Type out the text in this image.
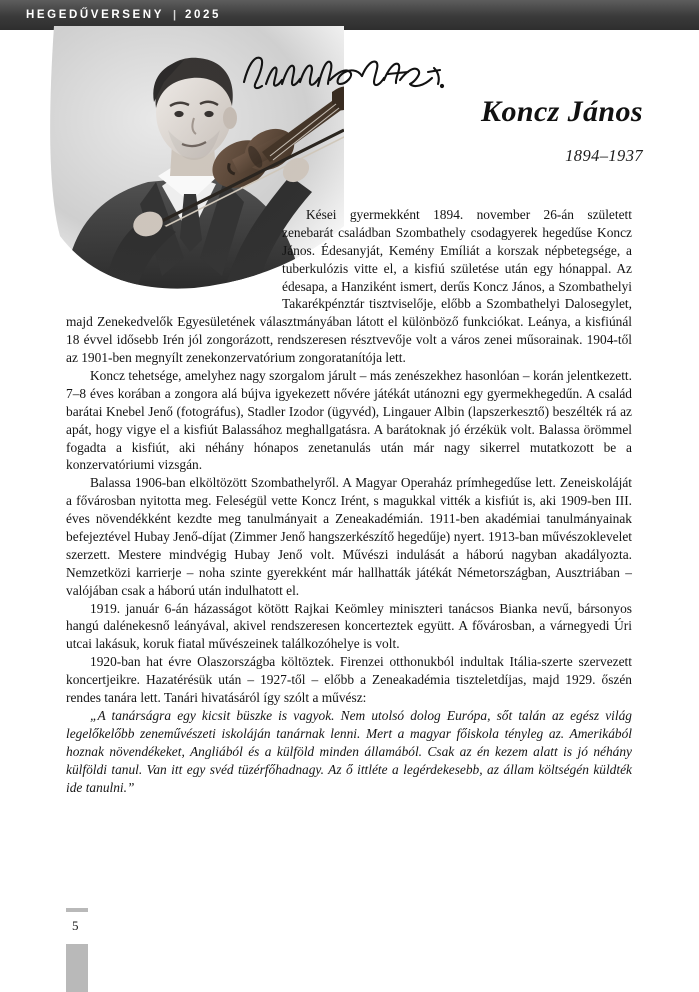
HEGEDŰVERSENY | 2025
Koncz János
1894–1937

Kései gyermekként 1894. november 26-án született zenebarát családban Szombathely csodagyerek hegedűse Koncz János. Édesanyját, Kemény Emíliát a korszak népbetegsége, a tuberkulózis vitte el, a kisfiú születése után egy hónappal. Az édesapa, a Hanziként ismert, derűs Koncz János, a Szombathelyi Takarékpénztár tisztviselője, előbb a Szombathelyi Dalosegylet, majd Zenekedvelők Egyesületének választmányában látott el különböző funkciókat. Leánya, a kisfiúnál 18 évvel idősebb Irén jól zongorázott, rendszeresen résztvevője volt a város zenei műsorainak. 1904-től az 1901-ben megnyílt zenekonzervatórium zongoratanítója lett.

Koncz tehetsége, amelyhez nagy szorgalom járult – más zenészekhez hasonlóan – korán jelentkezett. 7–8 éves korában a zongora alá bújva igyekezett nővére játékát utánozni egy gyermekhegedűn. A család barátai Knebel Jenő (fotográfus), Stadler Izodor (ügyvéd), Lingauer Albin (lapszerkesztő) beszélték rá az apát, hogy vigye el a kisfiút Balassához meghallgatásra. A barátoknak jó érzékük volt. Balassa örömmel fogadta a kisfiút, aki néhány hónapos zenetanulás után már nagy sikerrel mutatkozott be a konzervatóriumi vizsgán.

Balassa 1906-ban elköltözött Szombathelyről. A Magyar Operaház prímhegedűse lett. Zeneiskoláját a fővárosban nyitotta meg. Feleségül vette Koncz Irént, s magukkal vitték a kisfiút is, aki 1909-ben III. éves növendékként kezdte meg tanulmányait a Zeneakadémián. 1911-ben akadémiai tanulmányainak befejeztével Hubay Jenő-díjat (Zimmer Jenő hangszerkészítő hegedűje) nyert. 1913-ban művészoklevelet szerzett. Mestere mindvégig Hubay Jenő volt. Művészi indulását a háború nagyban akadályozta. Nemzetközi karrierje – noha szinte gyerekként már hallhatták játékát Németországban, Ausztriában – valójában csak a háború után indulhatott el.

1919. január 6-án házasságot kötött Rajkai Keömley miniszteri tanácsos Bianka nevű, bársonyos hangú dalénekesnő leányával, akivel rendszeresen koncerteztek együtt. A fővárosban, a várnegyedi Úri utcai lakásuk, koruk fiatal művészeinek találkozóhelye is volt.

1920-ban hat évre Olaszországba költöztek. Firenzei otthonukból indultak Itália-szerte szervezett koncertjeikre. Hazatérésük után – 1927-től – előbb a Zeneakadémia tiszteletdíjas, majd 1929. őszén rendes tanára lett. Tanári hivatásáról így szólt a művész:

„A tanárságra egy kicsit büszke is vagyok. Nem utolsó dolog Európa, sőt talán az egész világ legelőkelőbb zeneművészeti iskoláján tanárnak lenni. Mert a magyar főiskola tényleg az. Amerikából hoznak növendékeket, Angliából és a külföld minden államából. Csak az én kezem alatt is jó néhány külföldi tanul. Van itt egy svéd tüzérfőhadnagy. Az ő ittléte a legérdekesebb, az állam költségén küldték ide tanulni.”

5
